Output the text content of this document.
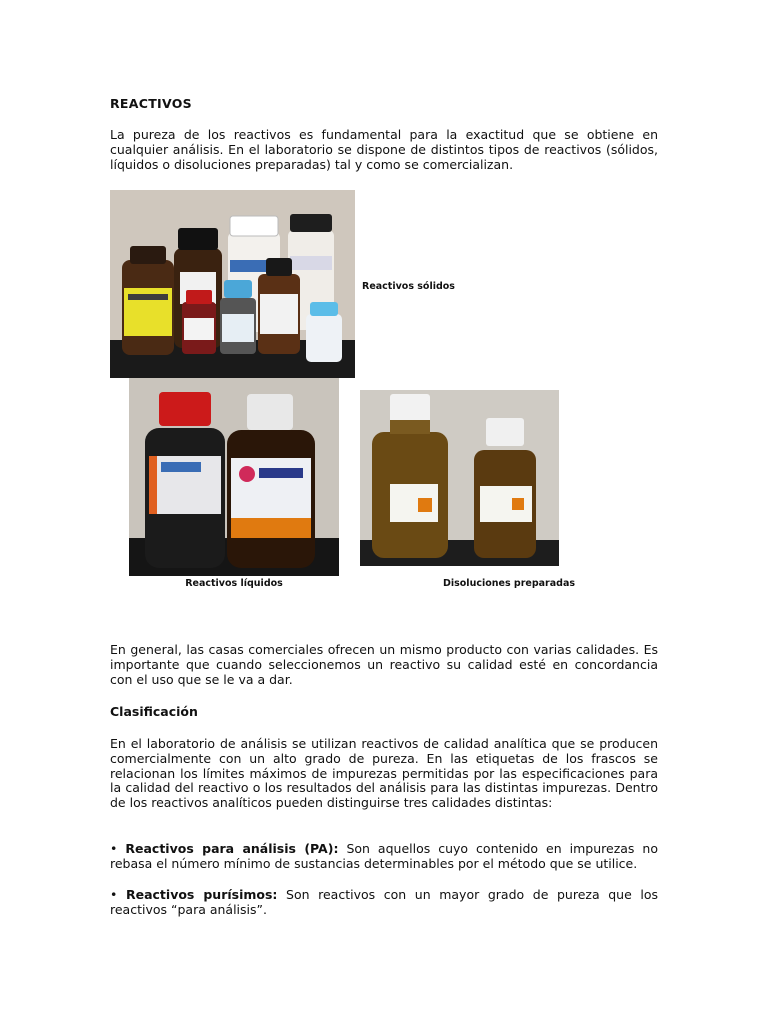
REACTIVOS
La pureza de los reactivos es fundamental para la exactitud que se obtiene en cualquier análisis. En el laboratorio se dispone de distintos tipos de reactivos (sólidos, líquidos o disoluciones preparadas) tal y como se comercializan.
Reactivos sólidos
Reactivos líquidos	Disoluciones preparadas
En general, las casas comerciales ofrecen un mismo producto con varias calidades. Es importante que cuando seleccionemos un reactivo su calidad esté en concordancia con el uso que se le va a dar.
Clasificación
En el laboratorio de análisis se utilizan reactivos de calidad analítica que se producen comercialmente con un alto grado de pureza. En las etiquetas de los frascos se relacionan los límites máximos de impurezas permitidas por las especificaciones para la calidad del reactivo o los resultados del análisis para las distintas impurezas. Dentro de los reactivos analíticos pueden distinguirse tres calidades distintas:
• Reactivos para análisis (PA): Son aquellos cuyo contenido en impurezas no rebasa el número mínimo de sustancias determinables por el método que se utilice.
• Reactivos purísimos: Son reactivos con un mayor grado de pureza que los reactivos “para análisis”.
